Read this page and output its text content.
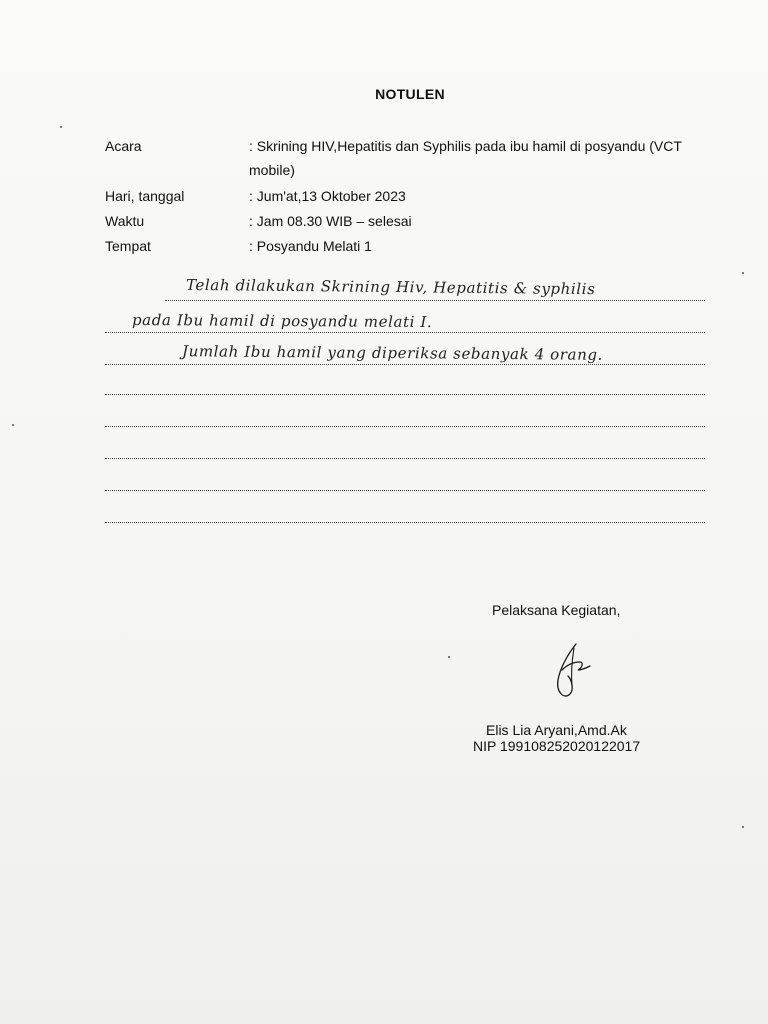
NOTULEN
Acara	: Skrining HIV,Hepatitis dan Syphilis pada ibu hamil di posyandu (VCT mobile)
Hari, tanggal	: Jum'at,13 Oktober 2023
Waktu	: Jam 08.30 WIB – selesai
Tempat	: Posyandu Melati 1
Telah dilakukan Skrining Hiv, Hepatitis & syphilis
pada Ibu hamil di posyandu melati I.
Jumlah Ibu hamil yang diperiksa sebanyak 4 orang.
Pelaksana Kegiatan,
Elis Lia Aryani,Amd.Ak
NIP 199108252020122017
